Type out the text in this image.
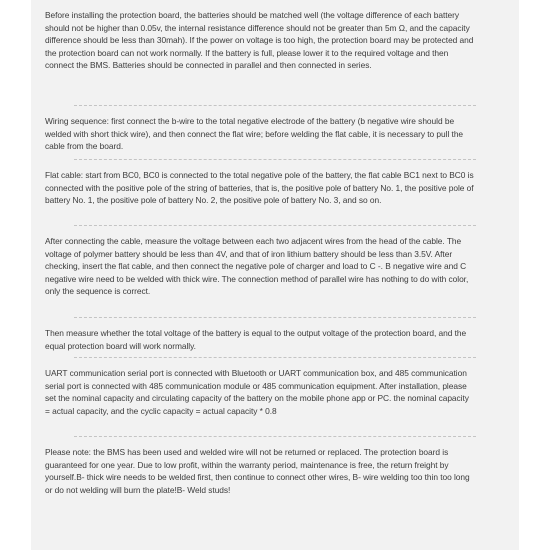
Before installing the protection board, the batteries should be matched well (the voltage difference of each battery should not be higher than 0.05v, the internal resistance difference should not be greater than 5m Ω, and the capacity difference should be less than 30mah). If the power on voltage is too high, the protection board may be protected and the protection board can not work normally. If the battery is full, please lower it to the required voltage and then connect the BMS. Batteries should be connected in parallel and then connected in series.

Wiring sequence: first connect the b-wire to the total negative electrode of the battery (b negative wire should be welded with short thick wire), and then connect the flat wire; before welding the flat cable, it is necessary to pull the cable from the board.

Flat cable: start from BC0, BC0 is connected to the total negative pole of the battery, the flat cable BC1 next to BC0 is connected with the positive pole of the string of batteries, that is, the positive pole of battery No. 1, the positive pole of battery No. 1, the positive pole of battery No. 2, the positive pole of battery No. 3, and so on.

After connecting the cable, measure the voltage between each two adjacent wires from the head of the cable. The voltage of polymer battery should be less than 4V, and that of iron lithium battery should be less than 3.5V. After checking, insert the flat cable, and then connect the negative pole of charger and load to C -. B negative wire and C negative wire need to be welded with thick wire. The connection method of parallel wire has nothing to do with color, only the sequence is correct.

Then measure whether the total voltage of the battery is equal to the output voltage of the protection board, and the equal protection board will work normally.

UART communication serial port is connected with Bluetooth or UART communication box, and 485 communication serial port is connected with 485 communication module or 485 communication equipment. After installation, please set the nominal capacity and circulating capacity of the battery on the mobile phone app or PC. the nominal capacity = actual capacity, and the cyclic capacity = actual capacity * 0.8

Please note: the BMS has been used and welded wire will not be returned or replaced. The protection board is guaranteed for one year. Due to low profit, within the warranty period, maintenance is free, the return freight by yourself.B- thick wire needs to be welded first, then continue to connect other wires, B- wire welding too thin too long or do not welding will burn the plate!B- Weld studs!
